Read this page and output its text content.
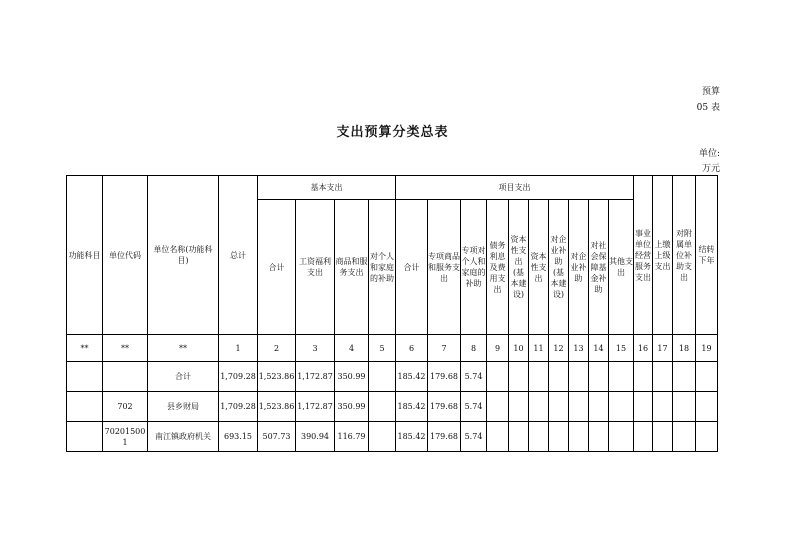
预算
05 表
支出预算分类总表
单位:
万元
功能科目	单位代码	单位名称(功能科目)	总计	基本支出				项目支出										事业单位经营服务支出	上缴上级支出	对附属单位补助支出	结转下年
				合计	工资福利支出	商品和服务支出	对个人和家庭的补助	合计	专项商品和服务支出	专项对个人和家庭的补助	债务利息及费用支出	资本性支出(基本建设)	资本性支出	对企业补助(基本建设)	对企业补助	对社会保障基金补助	其他支出				
**	**	**	1	2	3	4	5	6	7	8	9	10	11	12	13	14	15	16	17	18	19
		合计	1,709.28	1,523.86	1,172.87	350.99		185.42	179.68	5.74											
	702	县乡财局	1,709.28	1,523.86	1,172.87	350.99		185.42	179.68	5.74											
	702015001	南江镇政府机关	693.15	507.73	390.94	116.79		185.42	179.68	5.74											
